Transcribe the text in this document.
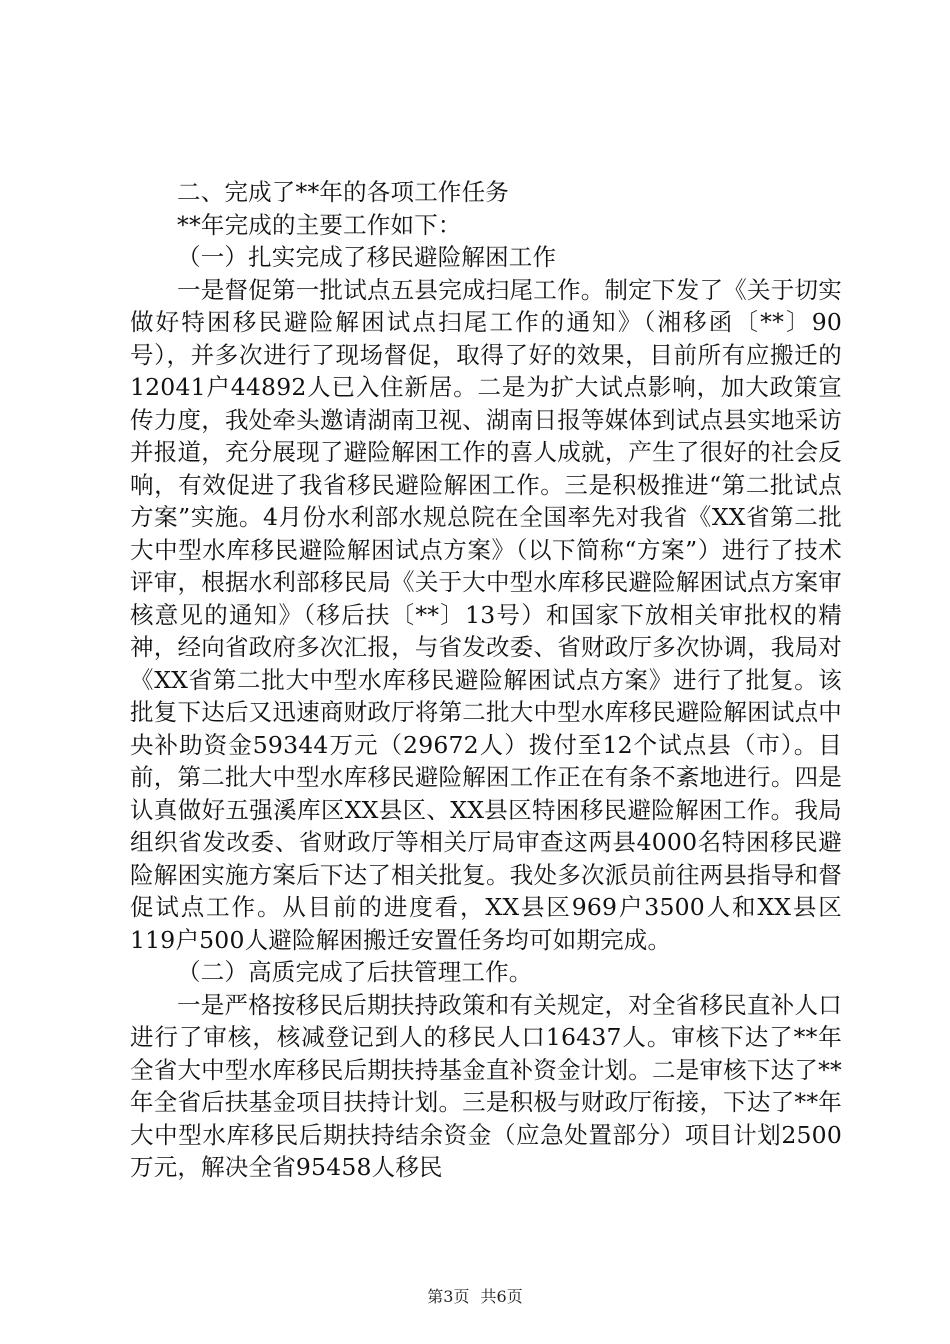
二、完成了**年的各项工作任务

**年完成的主要工作如下：

（一）扎实完成了移民避险解困工作

一是督促第一批试点五县完成扫尾工作。制定下发了《关于切实做好特困移民避险解困试点扫尾工作的通知》（湘移函〔**〕90号），并多次进行了现场督促，取得了好的效果，目前所有应搬迁的12041户44892人已入住新居。二是为扩大试点影响，加大政策宣传力度，我处牵头邀请湖南卫视、湖南日报等媒体到试点县实地采访并报道，充分展现了避险解困工作的喜人成就，产生了很好的社会反响，有效促进了我省移民避险解困工作。三是积极推进“第二批试点方案”实施。4月份水利部水规总院在全国率先对我省《XX省第二批大中型水库移民避险解困试点方案》（以下简称“方案”）进行了技术评审，根据水利部移民局《关于大中型水库移民避险解困试点方案审核意见的通知》（移后扶〔**〕13号）和国家下放相关审批权的精神，经向省政府多次汇报，与省发改委、省财政厅多次协调，我局对《XX省第二批大中型水库移民避险解困试点方案》进行了批复。该批复下达后又迅速商财政厅将第二批大中型水库移民避险解困试点中央补助资金59344万元（29672人）拨付至12个试点县（市）。目前，第二批大中型水库移民避险解困工作正在有条不紊地进行。四是认真做好五强溪库区XX县区、XX县区特困移民避险解困工作。我局组织省发改委、省财政厅等相关厅局审查这两县4000名特困移民避险解困实施方案后下达了相关批复。我处多次派员前往两县指导和督促试点工作。从目前的进度看，XX县区969户3500人和XX县区119户500人避险解困搬迁安置任务均可如期完成。

（二）高质完成了后扶管理工作。

一是严格按移民后期扶持政策和有关规定，对全省移民直补人口进行了审核，核减登记到人的移民人口16437人。审核下达了**年全省大中型水库移民后期扶持基金直补资金计划。二是审核下达了**年全省后扶基金项目扶持计划。三是积极与财政厅衔接，下达了**年大中型水库移民后期扶持结余资金（应急处置部分）项目计划2500万元，解决全省95458人移民

第3页 共6页
